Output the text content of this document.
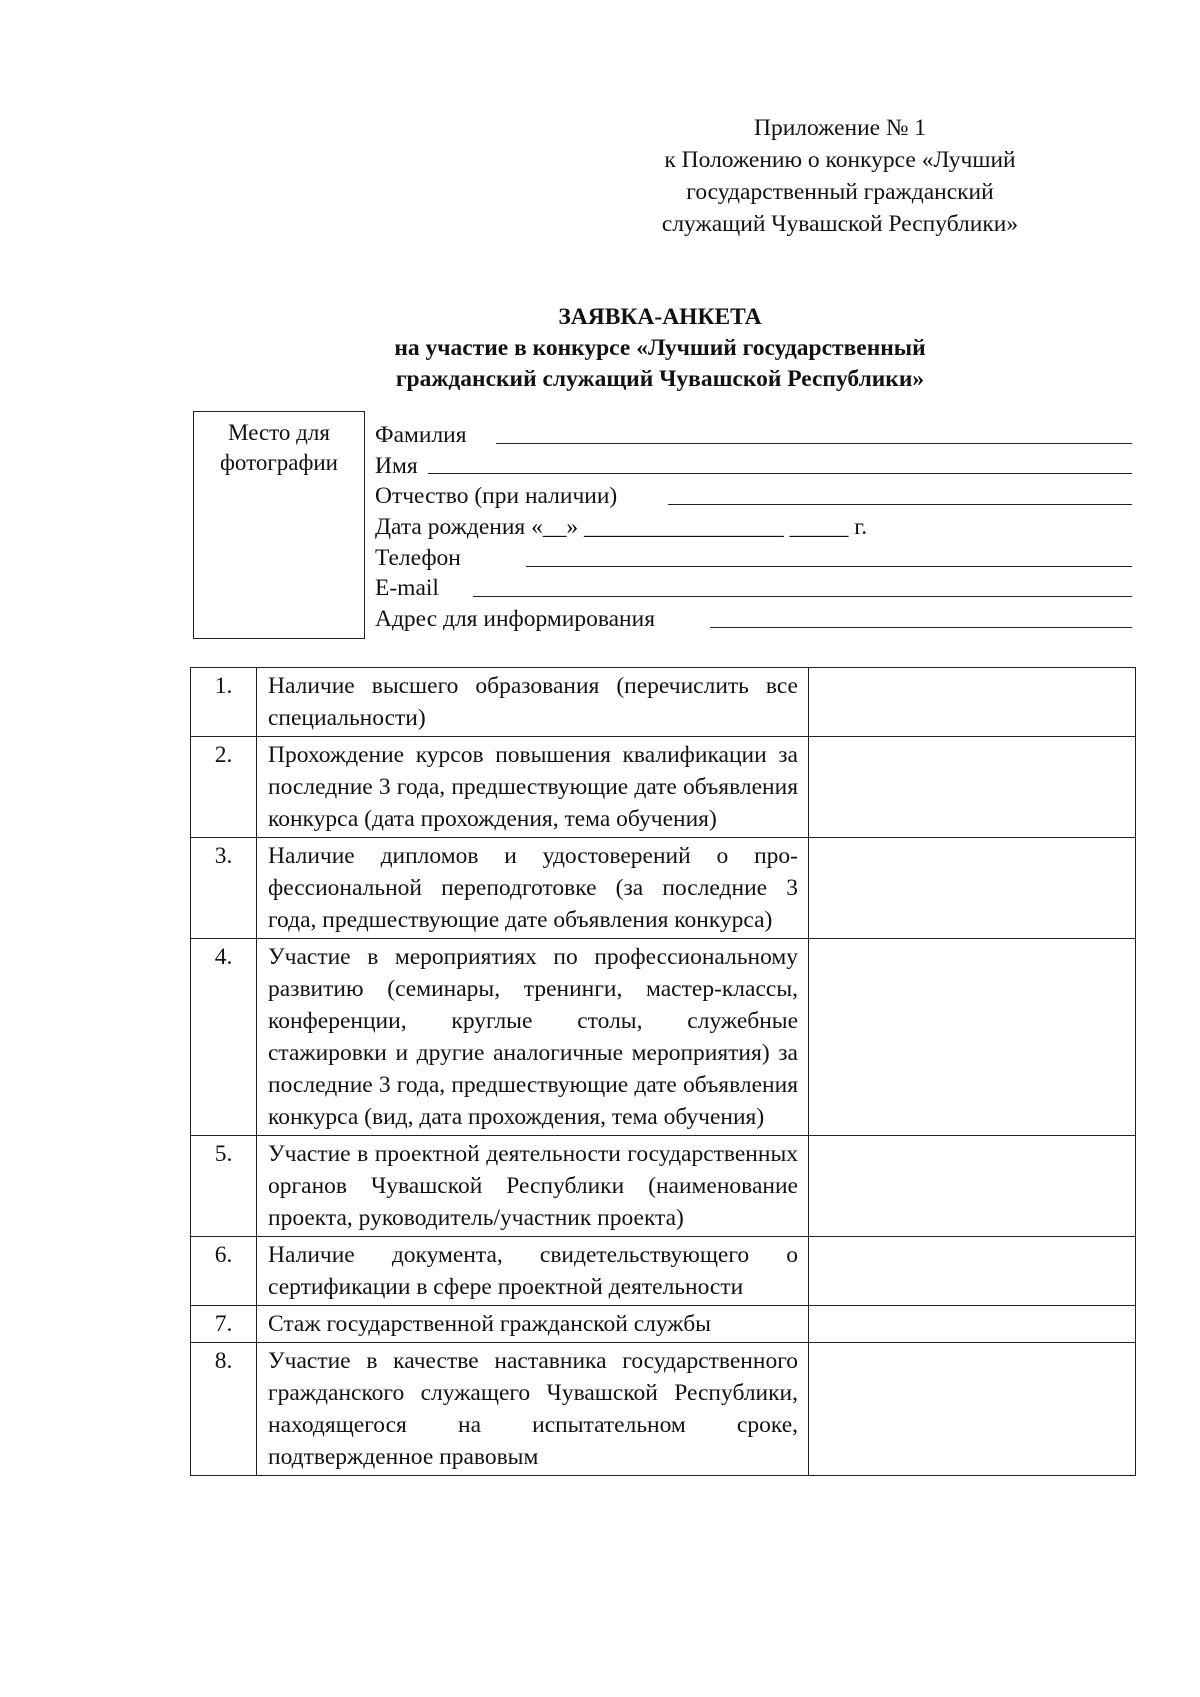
Приложение № 1
к Положению о конкурсе «Лучший
государственный гражданский
служащий Чувашской Республики»
ЗАЯВКА-АНКЕТА
на участие в конкурсе «Лучший государственный
гражданский служащий Чувашской Республики»
Место для
фотографии
Фамилия
Имя
Отчество (при наличии)
Дата рождения «__» _________________ _____ г.
Телефон
E-mail
Адрес для информирования
1.	Наличие высшего образования (перечислить все специальности)	
2.	Прохождение курсов повышения квалификации за последние 3 года, предшествующие дате объявления конкурса (дата прохождения, тема обучения)	
3.	Наличие дипломов и удостоверений о профессиональной переподготовке (за последние 3 года, предшествующие дате объявления конкурса)	
4.	Участие в мероприятиях по профессиональному развитию (семинары, тренинги, мастер-классы, конференции, круглые столы, служебные стажировки и другие аналогичные мероприятия) за последние 3 года, предшествующие дате объявления конкурса (вид, дата прохождения, тема обучения)	
5.	Участие в проектной деятельности государственных органов Чувашской Республики (наименование проекта, руководитель/участник проекта)	
6.	Наличие документа, свидетельствующего о сертификации в сфере проектной деятельности	
7.	Стаж государственной гражданской службы	
8.	Участие в качестве наставника государственного гражданского служащего Чувашской Республики, находящегося на испытательном сроке, подтвержденное правовым	
